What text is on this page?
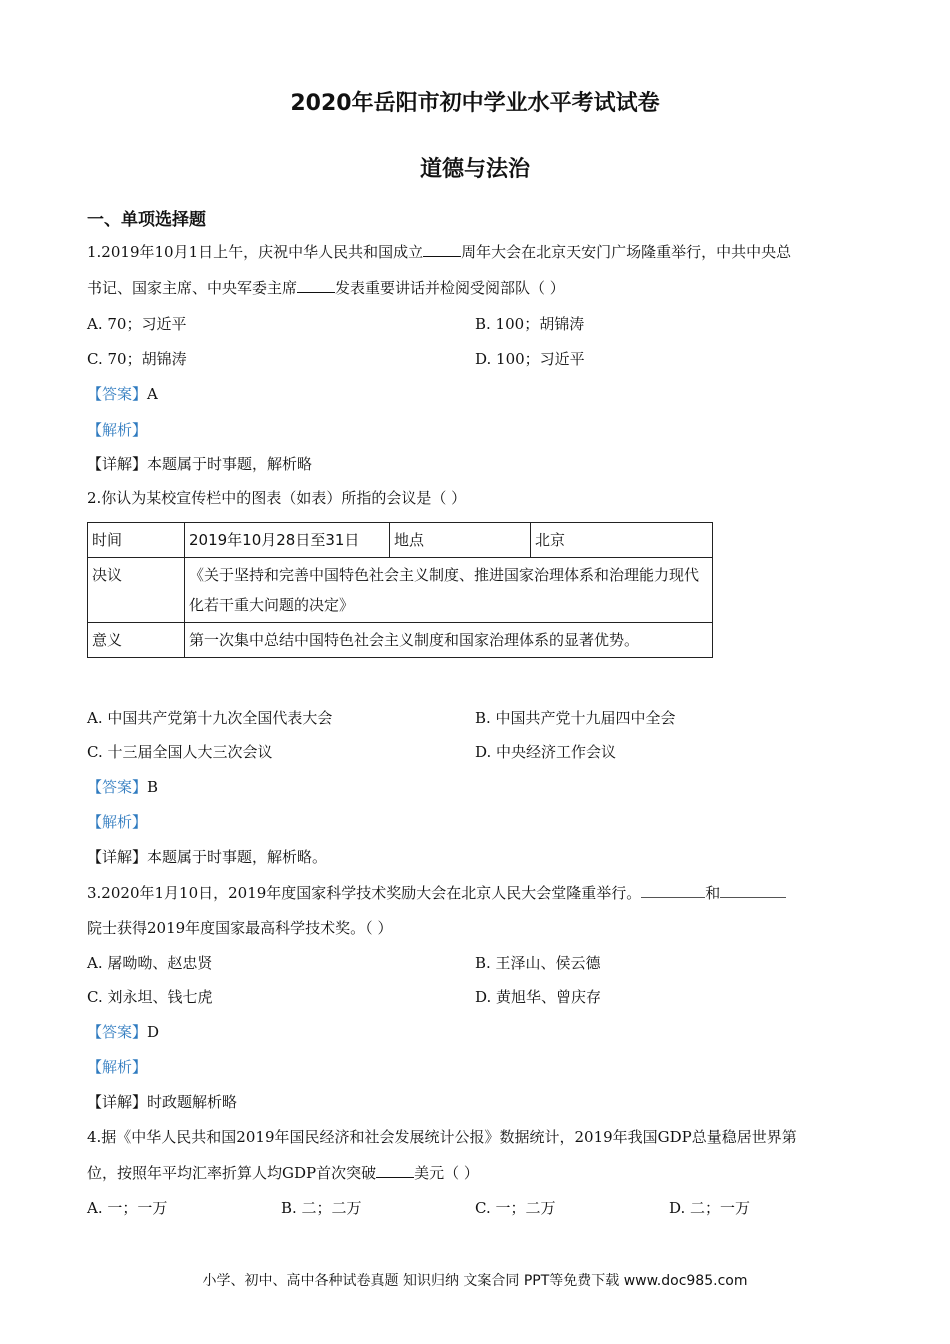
2020年岳阳市初中学业水平考试试卷
道德与法治
一、单项选择题
1.2019年10月1日上午，庆祝中华人民共和国成立	周年大会在北京天安门广场隆重举行，中共中央总
书记、国家主席、中央军委主席	发表重要讲话并检阅受阅部队（ ）
A. 70；习近平	B. 100；胡锦涛
C. 70；胡锦涛	D. 100；习近平
【答案】A
【解析】
【详解】本题属于时事题，解析略
2.你认为某校宣传栏中的图表（如表）所指的会议是（ ）
时间	2019年10月28日至31日	地点	北京
决议	《关于坚持和完善中国特色社会主义制度、推进国家治理体系和治理能力现代化若干重大问题的决定》		
意义	第一次集中总结中国特色社会主义制度和国家治理体系的显著优势。		
A. 中国共产党第十九次全国代表大会	B. 中国共产党十九届四中全会
C. 十三届全国人大三次会议	D. 中央经济工作会议
【答案】B
【解析】
【详解】本题属于时事题，解析略。
3.2020年1月10日，2019年度国家科学技术奖励大会在北京人民大会堂隆重举行。	和
院士获得2019年度国家最高科学技术奖。（ ）
A. 屠呦呦、赵忠贤	B. 王泽山、侯云德
C. 刘永坦、钱七虎	D. 黄旭华、曾庆存
【答案】D
【解析】
【详解】时政题解析略
4.据《中华人民共和国2019年国民经济和社会发展统计公报》数据统计，2019年我国GDP总量稳居世界第
位，按照年平均汇率折算人均GDP首次突破	美元（ ）
A. 一；一万	B. 二；二万	C. 一；二万	D. 二；一万
小学、初中、高中各种试卷真题 知识归纳 文案合同 PPT等免费下载 www.doc985.com
